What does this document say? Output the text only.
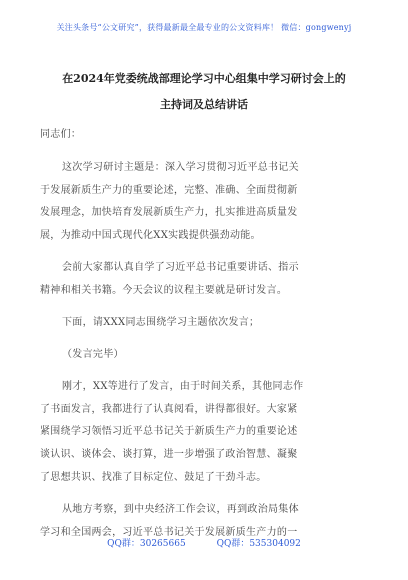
关注头条号“公文研究”，获得最新最全最专业的公文资料库！ 微信：gongwenyj
在2024年党委统战部理论学习中心组集中学习研讨会上的
主持词及总结讲话
同志们：
这次学习研讨主题是：深入学习贯彻习近平总书记关
于发展新质生产力的重要论述，完整、准确、全面贯彻新
发展理念，加快培育发展新质生产力，扎实推进高质量发
展，为推动中国式现代化XX实践提供强劲动能。
会前大家都认真自学了习近平总书记重要讲话、指示
精神和相关书籍。今天会议的议程主要就是研讨发言。
下面，请XXX同志围绕学习主题依次发言；
（发言完毕）
刚才，XX等进行了发言，由于时间关系，其他同志作
了书面发言，我都进行了认真阅看，讲得都很好。大家紧
紧围绕学习领悟习近平总书记关于新质生产力的重要论述
谈认识、谈体会、谈打算，进一步增强了政治智慧、凝聚
了思想共识、找准了目标定位、鼓足了干劲斗志。
从地方考察，到中央经济工作会议，再到政治局集体
学习和全国两会，习近平总书记关于发展新质生产力的一
QQ群：30265665	QQ群：535304092
